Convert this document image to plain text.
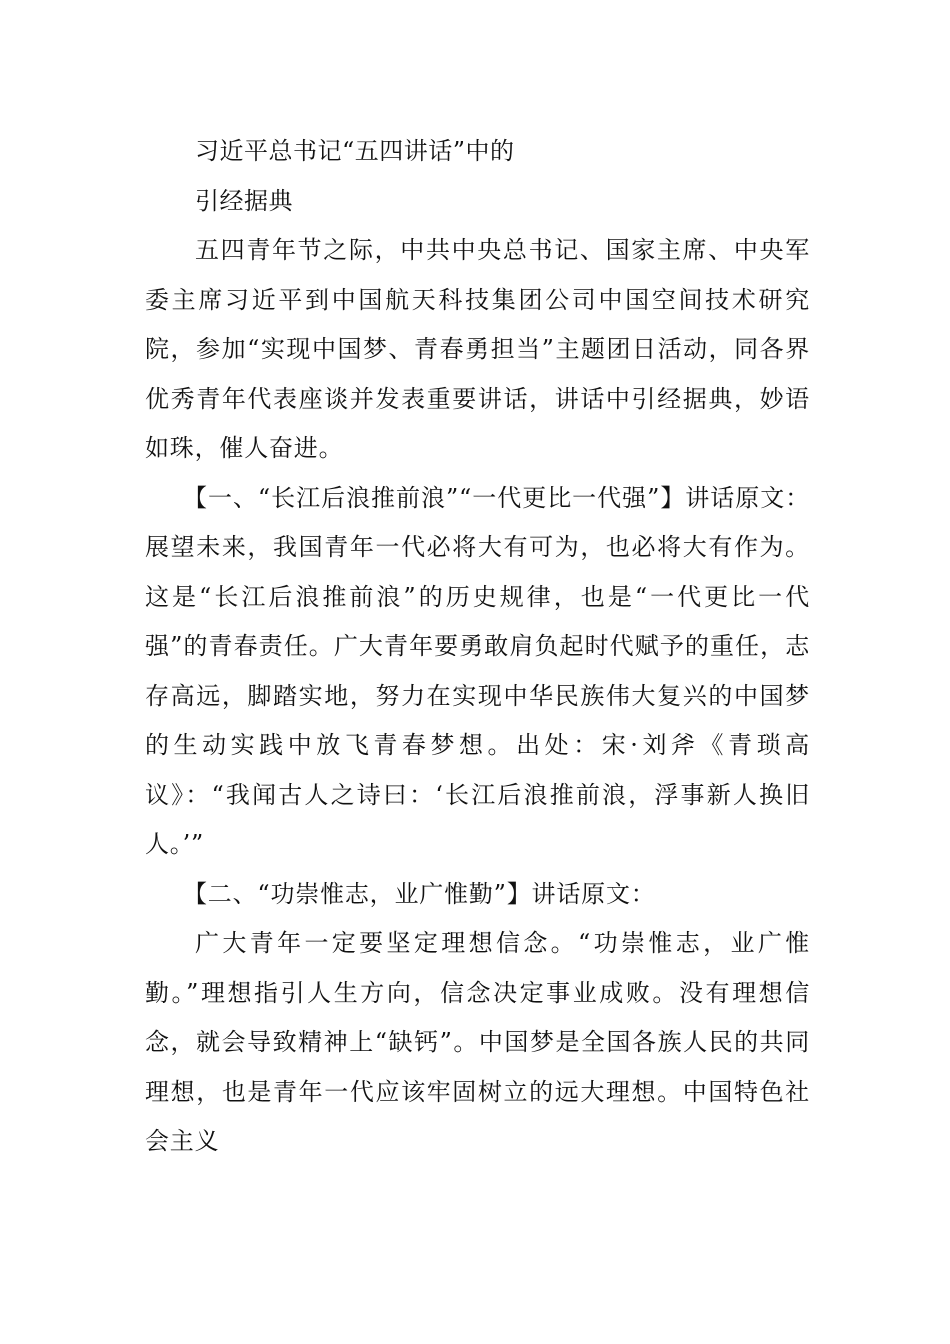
习近平总书记“五四讲话”中的

引经据典

五四青年节之际，中共中央总书记、国家主席、中央军委主席习近平到中国航天科技集团公司中国空间技术研究院，参加“实现中国梦、青春勇担当”主题团日活动，同各界优秀青年代表座谈并发表重要讲话，讲话中引经据典，妙语如珠，催人奋进。

【一、“长江后浪推前浪”“一代更比一代强”】讲话原文：展望未来，我国青年一代必将大有可为，也必将大有作为。这是“长江后浪推前浪”的历史规律，也是“一代更比一代强”的青春责任。广大青年要勇敢肩负起时代赋予的重任，志存高远，脚踏实地，努力在实现中华民族伟大复兴的中国梦的生动实践中放飞青春梦想。出处：宋·刘斧《青琐高议》：“我闻古人之诗曰：‘长江后浪推前浪，浮事新人换旧人。’”

【二、“功崇惟志，业广惟勤”】讲话原文：

广大青年一定要坚定理想信念。“功崇惟志，业广惟勤。”理想指引人生方向，信念决定事业成败。没有理想信念，就会导致精神上“缺钙”。中国梦是全国各族人民的共同理想，也是青年一代应该牢固树立的远大理想。中国特色社会主义
